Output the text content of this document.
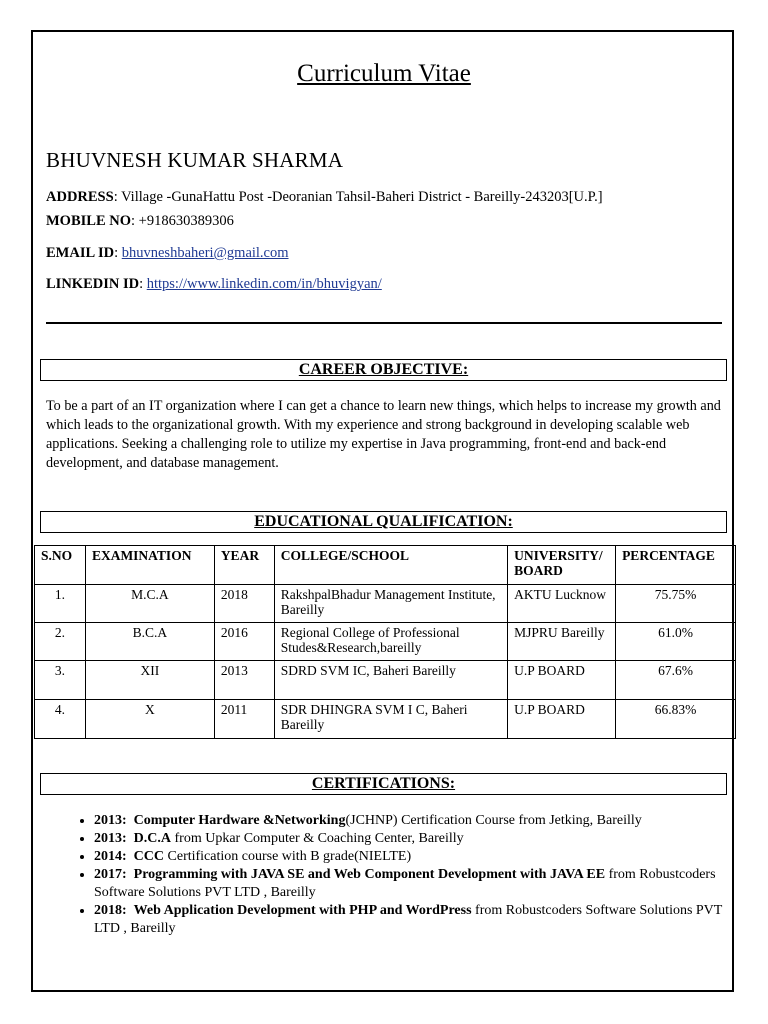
Curriculum Vitae
BHUVNESH KUMAR SHARMA
ADDRESS: Village -GunaHattu Post -Deoranian Tahsil-Baheri District - Bareilly-243203[U.P.]
MOBILE NO: +918630389306
EMAIL ID: bhuvneshbaheri@gmail.com
LINKEDIN ID: https://www.linkedin.com/in/bhuvigyan/
CAREER OBJECTIVE:
To be a part of an IT organization where I can get a chance to learn new things, which helps to increase my growth and which leads to the organizational growth. With my experience and strong background in developing scalable web applications. Seeking a challenging role to utilize my expertise in Java programming, front-end and back-end development, and database management.
EDUCATIONAL QUALIFICATION:
S.NO	EXAMINATION	YEAR	COLLEGE/SCHOOL	UNIVERSITY/ BOARD	PERCENTAGE
1.	M.C.A	2018	RakshpalBhadur Management Institute, Bareilly	AKTU Lucknow	75.75%
2.	B.C.A	2016	Regional College of Professional Studes&Research,bareilly	MJPRU Bareilly	61.0%
3.	XII	2013	SDRD SVM IC, Baheri Bareilly	U.P BOARD	67.6%
4.	X	2011	SDR DHINGRA SVM I C, Baheri Bareilly	U.P BOARD	66.83%
CERTIFICATIONS:
• 2013: Computer Hardware &Networking(JCHNP) Certification Course from Jetking, Bareilly
• 2013: D.C.A from Upkar Computer & Coaching Center, Bareilly
• 2014: CCC Certification course with B grade(NIELTE)
• 2017: Programming with JAVA SE and Web Component Development with JAVA EE from Robustcoders Software Solutions PVT LTD , Bareilly
• 2018: Web Application Development with PHP and WordPress from Robustcoders Software Solutions PVT LTD , Bareilly
